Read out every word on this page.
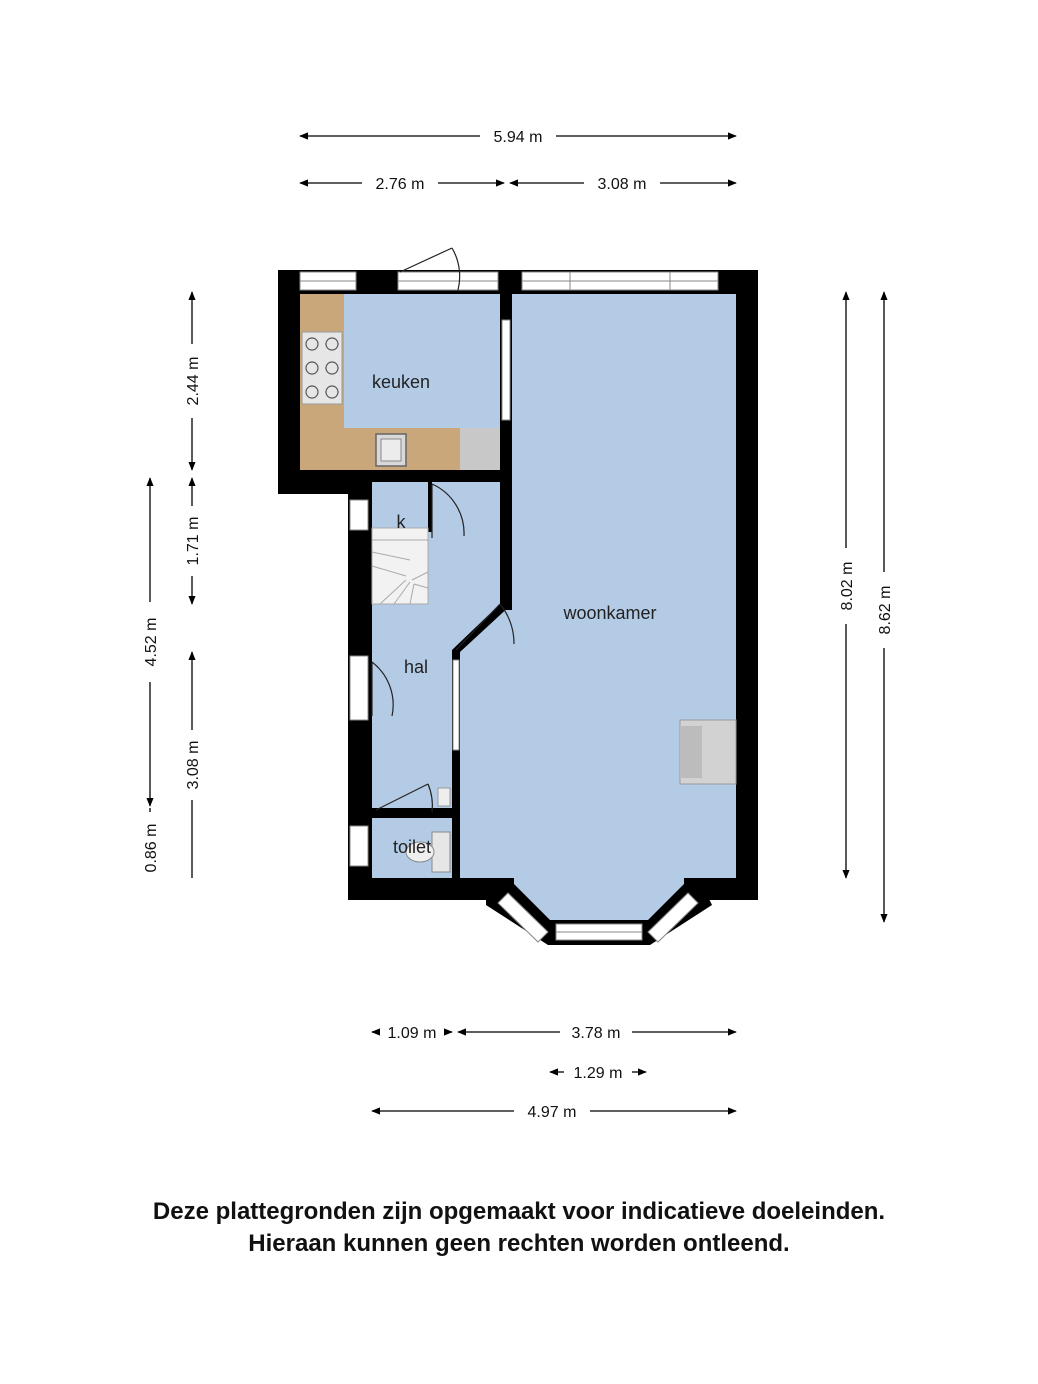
keuken
k
hal
woonkamer
toilet
5.94 m
2.76 m	3.08 m
2.44 m
1.71 m
3.08 m
4.52 m
0.86 m
8.02 m 8.62 m
1.09 m	3.78 m
1.29 m
4.97 m
Deze plattegronden zijn opgemaakt voor indicatieve doeleinden.
Hieraan kunnen geen rechten worden ontleend.
